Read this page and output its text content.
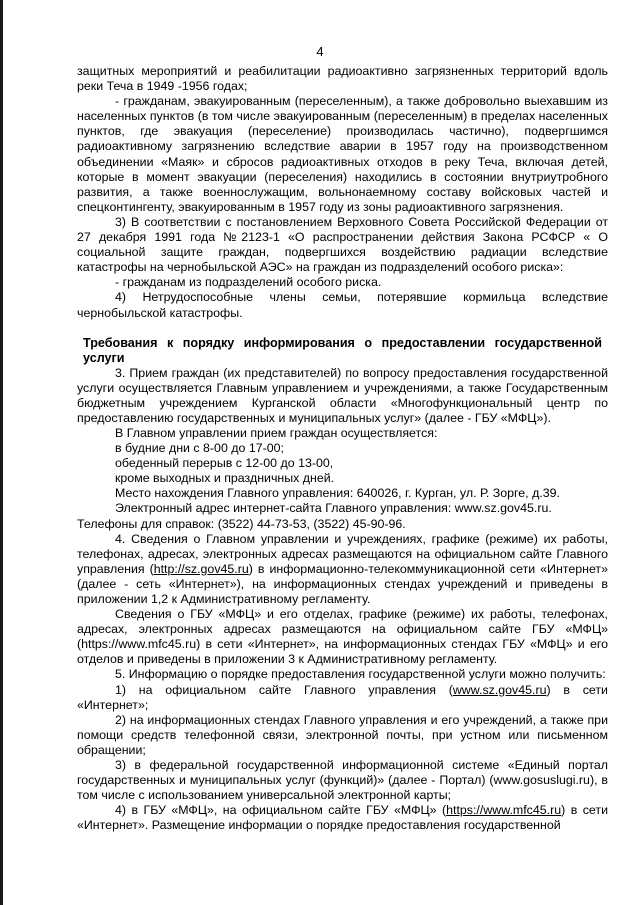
4

защитных мероприятий и реабилитации радиоактивно загрязненных территорий вдоль реки Теча в 1949 -1956 годах;

- гражданам, эвакуированным (переселенным), а также добровольно выехавшим из населенных пунктов (в том числе эвакуированным (переселенным) в пределах населенных пунктов, где эвакуация (переселение) производилась частично), подвергшимся радиоактивному загрязнению вследствие аварии в 1957 году на производственном объединении «Маяк» и сбросов радиоактивных отходов в реку Теча, включая детей, которые в момент эвакуации (переселения) находились в состоянии внутриутробного развития, а также военнослужащим, вольнонаемному составу войсковых частей и спецконтингенту, эвакуированным в 1957 году из зоны радиоактивного загрязнения.

3) В соответствии с постановлением Верховного Совета Российской Федерации от 27 декабря 1991 года №2123-1 «О распространении действия Закона РСФСР « О социальной защите граждан, подвергшихся воздействию радиации вследствие катастрофы на чернобыльской АЭС» на граждан из подразделений особого риска»:

- гражданам из подразделений особого риска.

4) Нетрудоспособные члены семьи, потерявшие кормильца вследствие чернобыльской катастрофы.

Требования к порядку информирования о предоставлении государственной услуги

3. Прием граждан (их представителей) по вопросу предоставления государственной услуги осуществляется Главным управлением и учреждениями, а также Государственным бюджетным учреждением Курганской области «Многофункциональный центр по предоставлению государственных и муниципальных услуг» (далее - ГБУ «МФЦ»).

В Главном управлении прием граждан осуществляется:

в будние дни с 8-00 до 17-00;

обеденный перерыв с 12-00 до 13-00,

кроме выходных и праздничных дней.

Место нахождения Главного управления: 640026, г. Курган, ул. Р. Зорге, д.39.

Электронный адрес интернет-сайта Главного управления: www.sz.gov45.ru.

Телефоны для справок: (3522) 44-73-53, (3522) 45-90-96.

4. Сведения о Главном управлении и учреждениях, графике (режиме) их работы, телефонах, адресах, электронных адресах размещаются на официальном сайте Главного управления (http://sz.gov45.ru) в информационно-телекоммуникационной сети «Интернет» (далее - сеть «Интернет»), на информационных стендах учреждений и приведены в приложении 1,2 к Административному регламенту.

Сведения о ГБУ «МФЦ» и его отделах, графике (режиме) их работы, телефонах, адресах, электронных адресах размещаются на официальном сайте ГБУ «МФЦ» (https://www.mfc45.ru) в сети «Интернет», на информационных стендах ГБУ «МФЦ» и его отделов и приведены в приложении 3 к Административному регламенту.

5. Информацию о порядке предоставления государственной услуги можно получить:

1) на официальном сайте Главного управления (www.sz.gov45.ru) в сети «Интернет»;

2) на информационных стендах Главного управления и его учреждений, а также при помощи средств телефонной связи, электронной почты, при устном или письменном обращении;

3) в федеральной государственной информационной системе «Единый портал государственных и муниципальных услуг (функций)» (далее - Портал) (www.gosuslugi.ru), в том числе с использованием универсальной электронной карты;

4) в ГБУ «МФЦ», на официальном сайте ГБУ «МФЦ» (https://www.mfc45.ru) в сети «Интернет». Размещение информации о порядке предоставления государственной
